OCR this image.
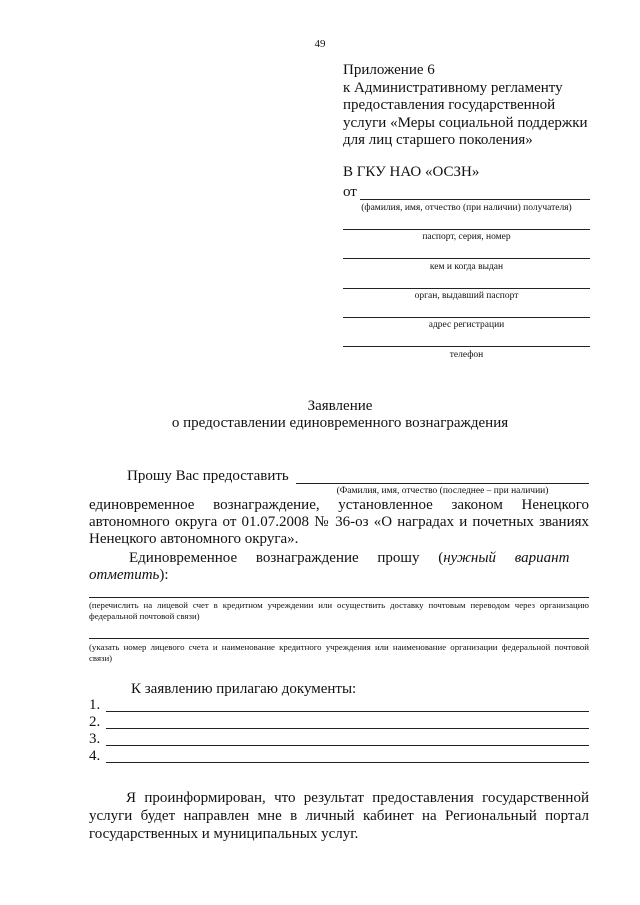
49
Приложение 6
к Административному регламенту
предоставления государственной
услуги «Меры социальной поддержки
для лиц старшего поколения»
В ГКУ НАО «ОСЗН»
от
(фамилия, имя, отчество (при наличии) получателя)
паспорт, серия, номер
кем и когда выдан
орган, выдавший паспорт
адрес регистрации
телефон
Заявление
о предоставлении единовременного вознаграждения
Прошу Вас предоставить
(Фамилия, имя, отчество (последнее – при наличии)
единовременное вознаграждение, установленное законом Ненецкого
автономного округа от 01.07.2008 № 36-оз «О наградах и почетных званиях
Ненецкого автономного округа».
Единовременное     вознаграждение     прошу     (нужный     вариант
отметить):
(перечислить на лицевой счет в кредитном учреждении или осуществить доставку почтовым переводом через организацию федеральной почтовой связи)
(указать номер лицевого счета и наименование кредитного учреждения или наименование организации федеральной почтовой связи)
К заявлению прилагаю документы:
1.
2.
3.
4.
Я проинформирован, что результат предоставления государственной услуги будет направлен мне в личный кабинет на Региональный портал государственных и муниципальных услуг.
